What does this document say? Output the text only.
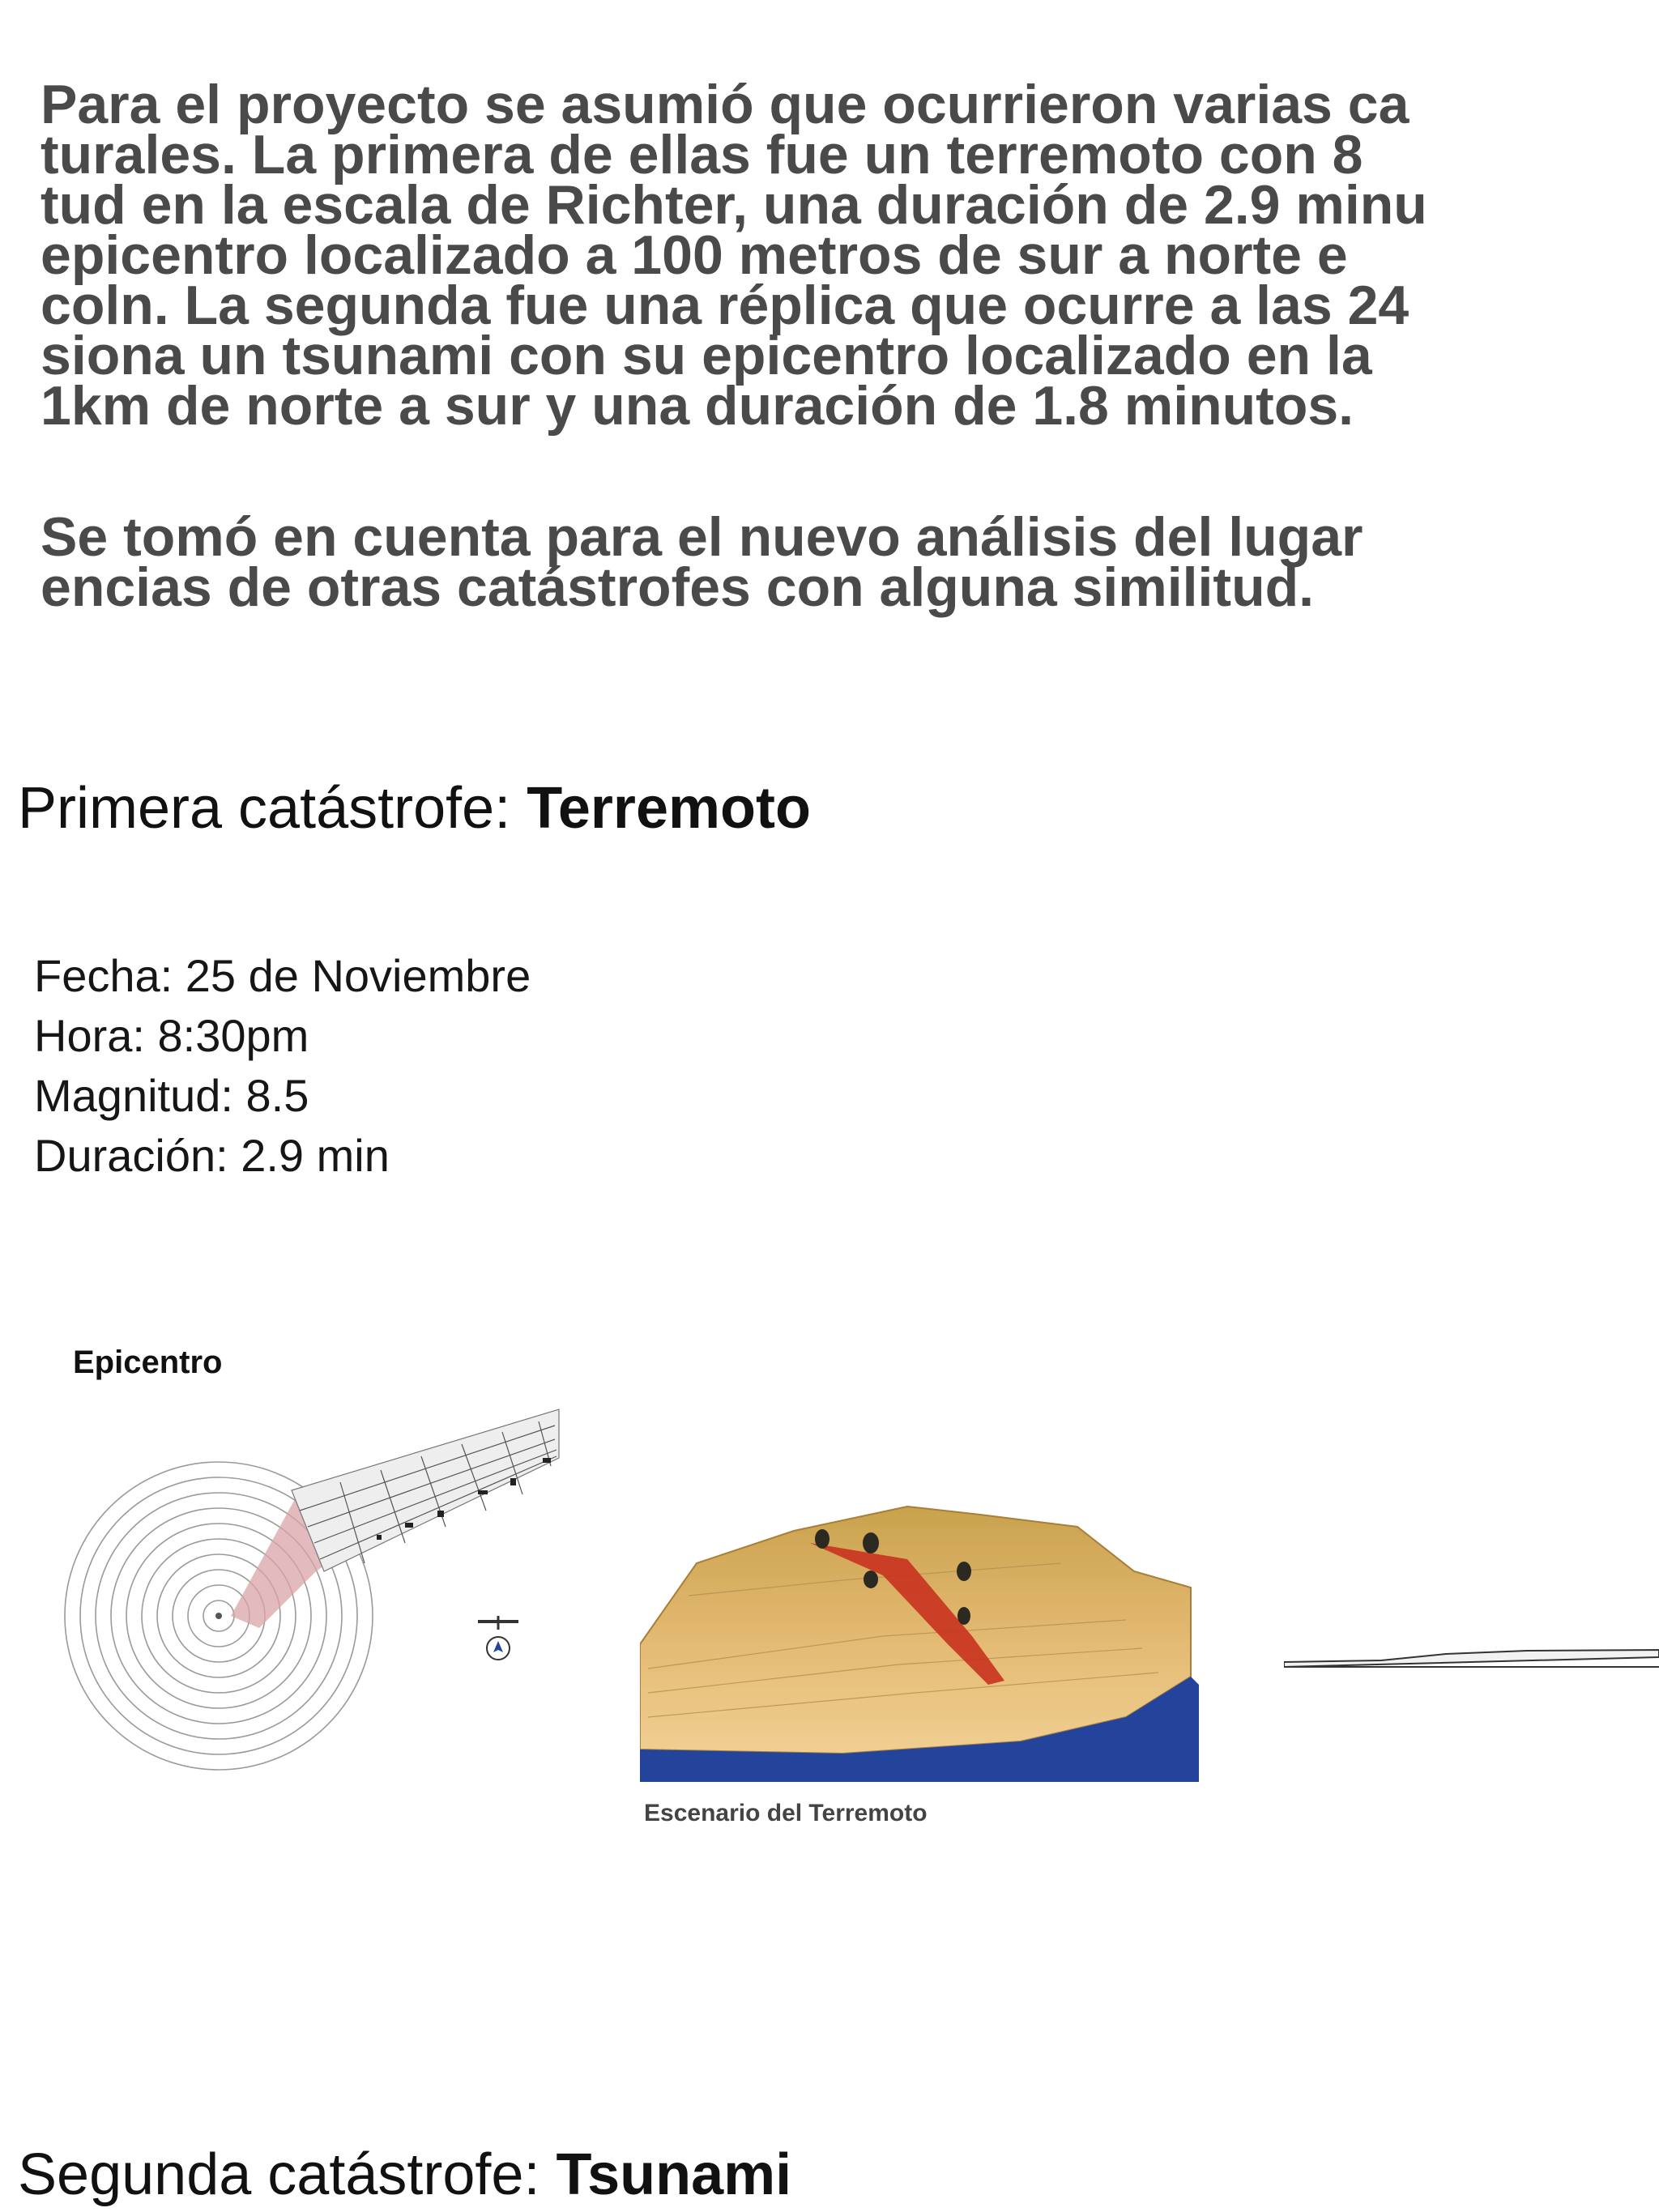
Para el proyecto se asumió que ocurrieron varias ca
turales. La primera de ellas fue un terremoto con 8
tud en la escala de Richter, una duración de 2.9 minu
epicentro localizado a 100 metros de sur a norte e
coln. La segunda fue una réplica que ocurre a las 24
siona un tsunami con su epicentro localizado en la
1km de norte a sur y una duración de 1.8 minutos.

Se tomó en cuenta para el nuevo análisis del lugar
encias de otras catástrofes con alguna similitud.

Primera catástrofe: Terremoto
Fecha: 25 de Noviembre
Hora: 8:30pm
Magnitud: 8.5
Duración: 2.9 min
Epicentro
Escenario del Terremoto
Segunda catástrofe: Tsunami
